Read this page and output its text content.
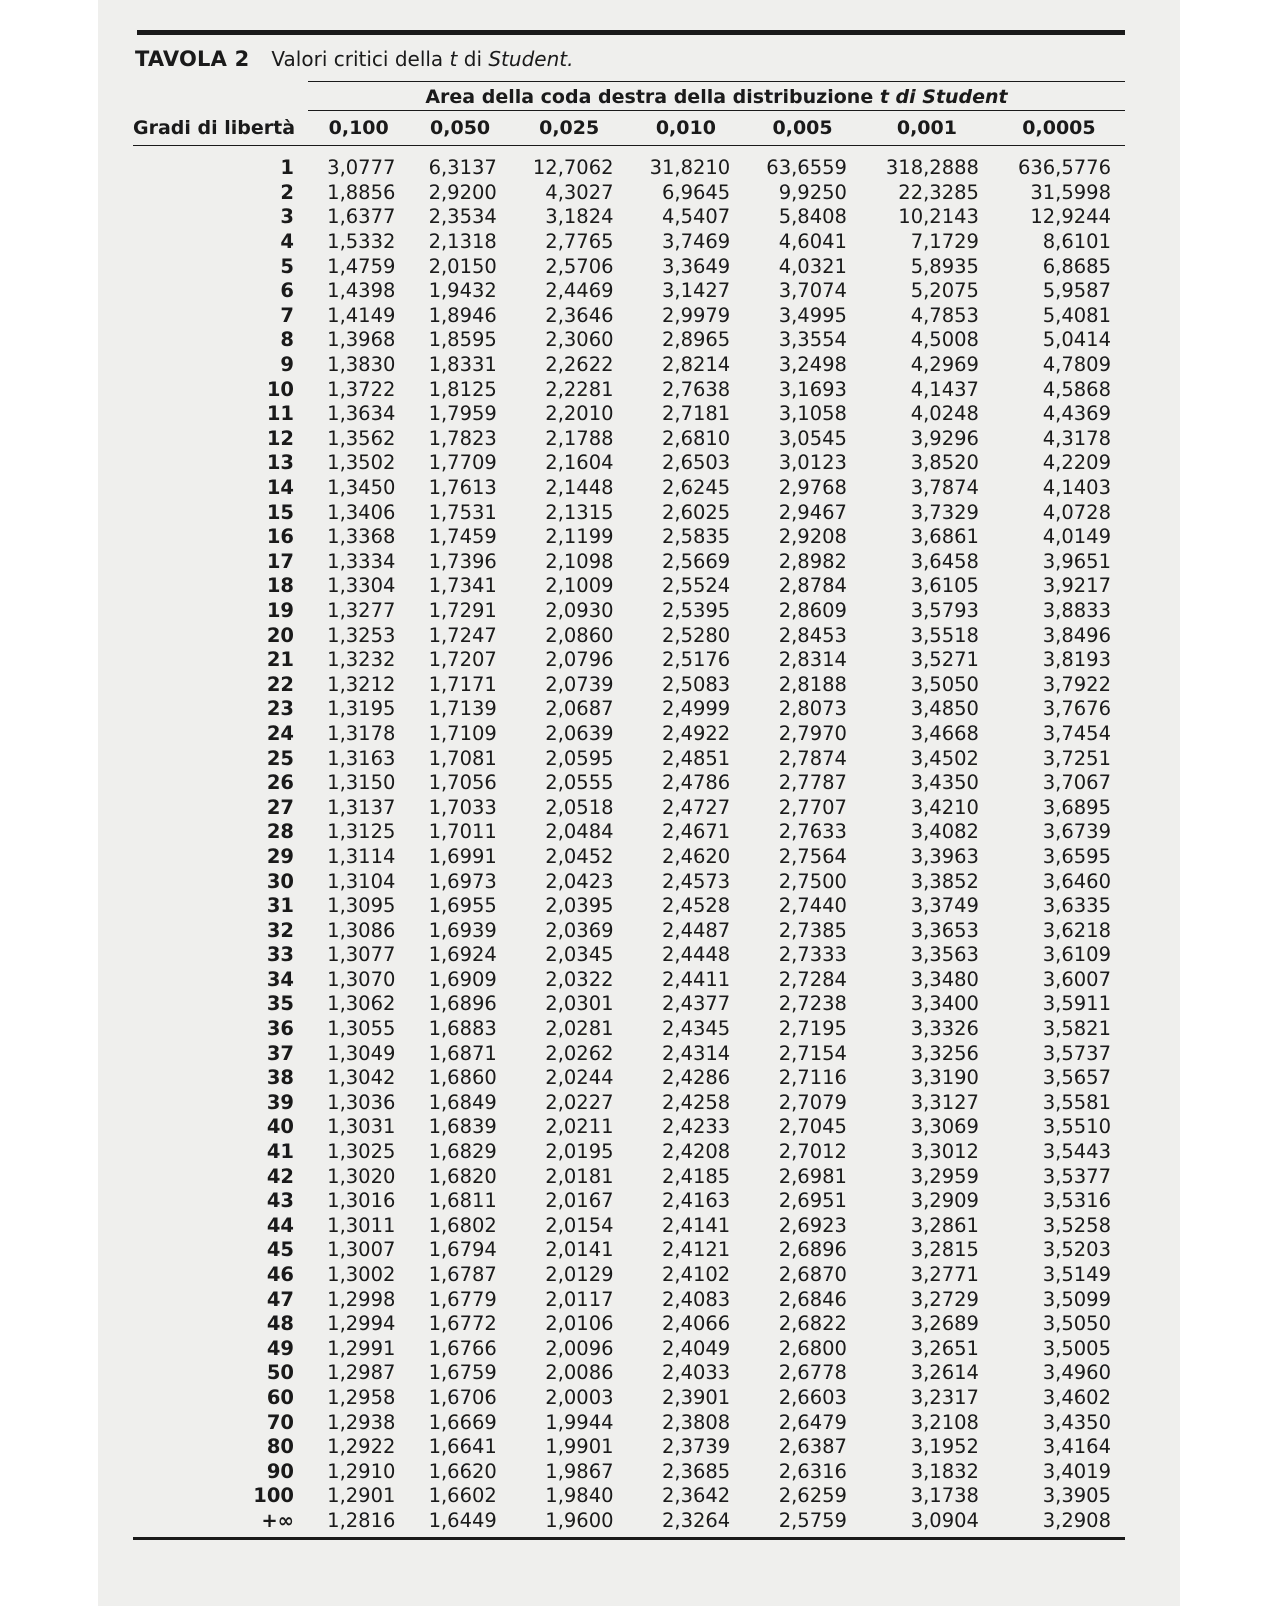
TAVOLA 2 Valori critici della t di Student.
Area della coda destra della distribuzione t di Student
Gradi di libertà	0,100	0,050	0,025	0,010	0,005	0,001	0,0005
1	3,0777	6,3137	12,7062	31,8210	63,6559	318,2888	636,5776
2	1,8856	2,9200	4,3027	6,9645	9,9250	22,3285	31,5998
3	1,6377	2,3534	3,1824	4,5407	5,8408	10,2143	12,9244
4	1,5332	2,1318	2,7765	3,7469	4,6041	7,1729	8,6101
5	1,4759	2,0150	2,5706	3,3649	4,0321	5,8935	6,8685
6	1,4398	1,9432	2,4469	3,1427	3,7074	5,2075	5,9587
7	1,4149	1,8946	2,3646	2,9979	3,4995	4,7853	5,4081
8	1,3968	1,8595	2,3060	2,8965	3,3554	4,5008	5,0414
9	1,3830	1,8331	2,2622	2,8214	3,2498	4,2969	4,7809
10	1,3722	1,8125	2,2281	2,7638	3,1693	4,1437	4,5868
11	1,3634	1,7959	2,2010	2,7181	3,1058	4,0248	4,4369
12	1,3562	1,7823	2,1788	2,6810	3,0545	3,9296	4,3178
13	1,3502	1,7709	2,1604	2,6503	3,0123	3,8520	4,2209
14	1,3450	1,7613	2,1448	2,6245	2,9768	3,7874	4,1403
15	1,3406	1,7531	2,1315	2,6025	2,9467	3,7329	4,0728
16	1,3368	1,7459	2,1199	2,5835	2,9208	3,6861	4,0149
17	1,3334	1,7396	2,1098	2,5669	2,8982	3,6458	3,9651
18	1,3304	1,7341	2,1009	2,5524	2,8784	3,6105	3,9217
19	1,3277	1,7291	2,0930	2,5395	2,8609	3,5793	3,8833
20	1,3253	1,7247	2,0860	2,5280	2,8453	3,5518	3,8496
21	1,3232	1,7207	2,0796	2,5176	2,8314	3,5271	3,8193
22	1,3212	1,7171	2,0739	2,5083	2,8188	3,5050	3,7922
23	1,3195	1,7139	2,0687	2,4999	2,8073	3,4850	3,7676
24	1,3178	1,7109	2,0639	2,4922	2,7970	3,4668	3,7454
25	1,3163	1,7081	2,0595	2,4851	2,7874	3,4502	3,7251
26	1,3150	1,7056	2,0555	2,4786	2,7787	3,4350	3,7067
27	1,3137	1,7033	2,0518	2,4727	2,7707	3,4210	3,6895
28	1,3125	1,7011	2,0484	2,4671	2,7633	3,4082	3,6739
29	1,3114	1,6991	2,0452	2,4620	2,7564	3,3963	3,6595
30	1,3104	1,6973	2,0423	2,4573	2,7500	3,3852	3,6460
31	1,3095	1,6955	2,0395	2,4528	2,7440	3,3749	3,6335
32	1,3086	1,6939	2,0369	2,4487	2,7385	3,3653	3,6218
33	1,3077	1,6924	2,0345	2,4448	2,7333	3,3563	3,6109
34	1,3070	1,6909	2,0322	2,4411	2,7284	3,3480	3,6007
35	1,3062	1,6896	2,0301	2,4377	2,7238	3,3400	3,5911
36	1,3055	1,6883	2,0281	2,4345	2,7195	3,3326	3,5821
37	1,3049	1,6871	2,0262	2,4314	2,7154	3,3256	3,5737
38	1,3042	1,6860	2,0244	2,4286	2,7116	3,3190	3,5657
39	1,3036	1,6849	2,0227	2,4258	2,7079	3,3127	3,5581
40	1,3031	1,6839	2,0211	2,4233	2,7045	3,3069	3,5510
41	1,3025	1,6829	2,0195	2,4208	2,7012	3,3012	3,5443
42	1,3020	1,6820	2,0181	2,4185	2,6981	3,2959	3,5377
43	1,3016	1,6811	2,0167	2,4163	2,6951	3,2909	3,5316
44	1,3011	1,6802	2,0154	2,4141	2,6923	3,2861	3,5258
45	1,3007	1,6794	2,0141	2,4121	2,6896	3,2815	3,5203
46	1,3002	1,6787	2,0129	2,4102	2,6870	3,2771	3,5149
47	1,2998	1,6779	2,0117	2,4083	2,6846	3,2729	3,5099
48	1,2994	1,6772	2,0106	2,4066	2,6822	3,2689	3,5050
49	1,2991	1,6766	2,0096	2,4049	2,6800	3,2651	3,5005
50	1,2987	1,6759	2,0086	2,4033	2,6778	3,2614	3,4960
60	1,2958	1,6706	2,0003	2,3901	2,6603	3,2317	3,4602
70	1,2938	1,6669	1,9944	2,3808	2,6479	3,2108	3,4350
80	1,2922	1,6641	1,9901	2,3739	2,6387	3,1952	3,4164
90	1,2910	1,6620	1,9867	2,3685	2,6316	3,1832	3,4019
100	1,2901	1,6602	1,9840	2,3642	2,6259	3,1738	3,3905
+∞	1,2816	1,6449	1,9600	2,3264	2,5759	3,0904	3,2908
